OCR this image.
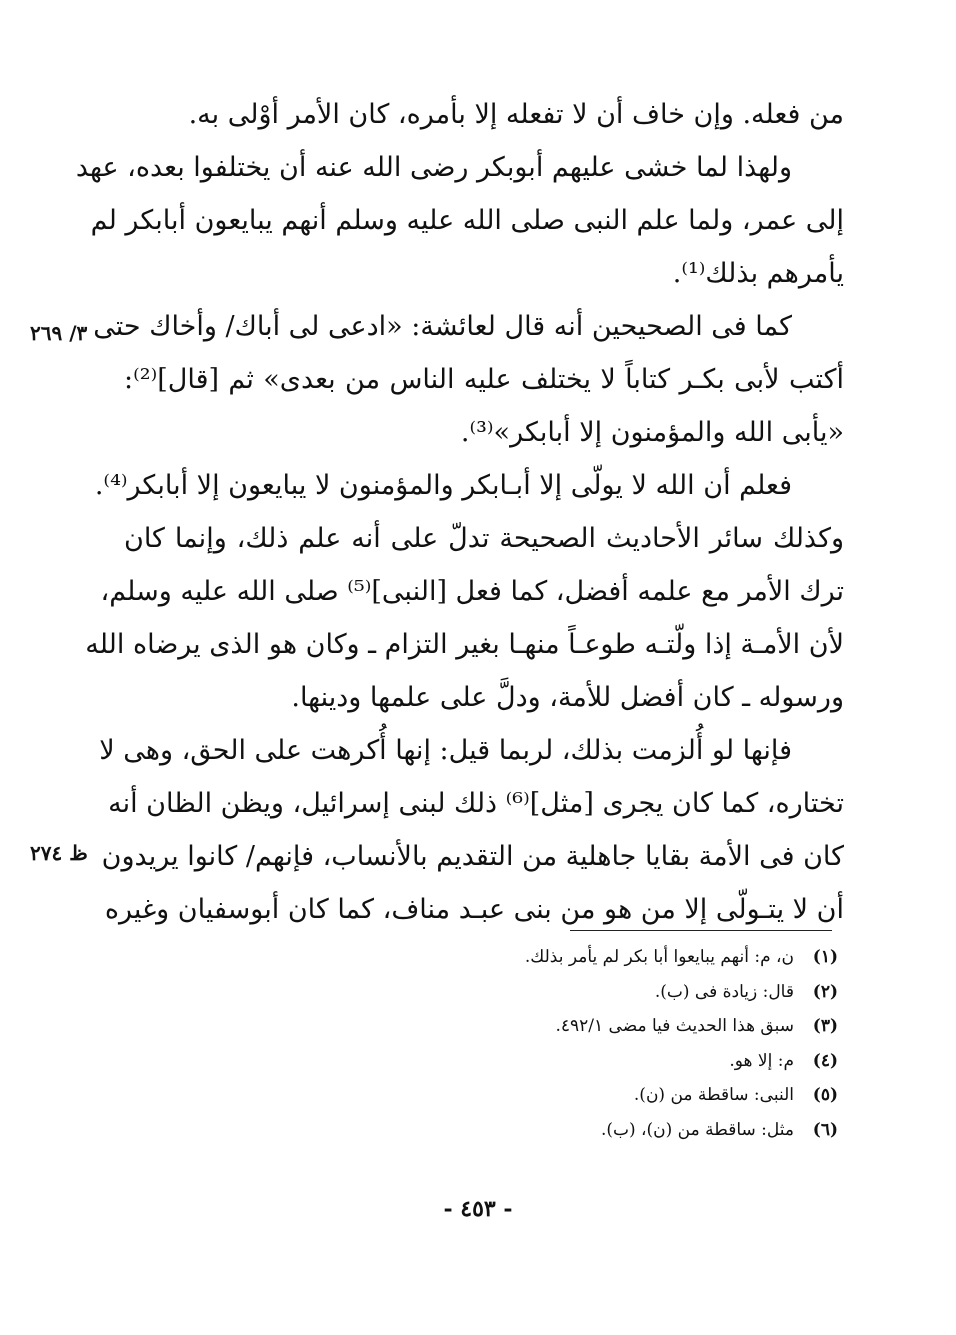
من فعله. وإن خاف أن لا تفعله إلا بأمره، كان الأمر أوْلى به.
ولهذا لما خشى عليهم أبوبكر رضى الله عنه أن يختلفوا بعده، عهد
إلى عمر، ولما علم النبى صلى الله عليه وسلم أنهم يبايعون أبابكر لم
يأمرهم بذلك⁽¹⁾.
كما فى الصحيحين أنه قال لعائشة: «ادعى لى أباك/ وأخاك حتى
أكتب لأبى بكـر كتاباً لا يختلف عليه الناس من بعدى» ثم [قال]⁽²⁾:
«يأبى الله والمؤمنون إلا أبابكر»⁽³⁾.
فعلم أن الله لا يولّى إلا أبـابكر والمؤمنون لا يبايعون إلا أبابكر⁽⁴⁾.
وكذلك سائر الأحاديث الصحيحة تدلّ على أنه علم ذلك، وإنما كان
ترك الأمر مع علمه أفضل، كما فعل [النبى]⁽⁵⁾ صلى الله عليه وسلم،
لأن الأمـة إذا ولّتـه طوعـاً منهـا بغير التزام ـ وكان هو الذى يرضاه الله
ورسوله ـ كان أفضل للأمة، ودلَّ على علمها ودينها.
فإنها لو أُلزمت بذلك، لربما قيل: إنها أُكرهت على الحق، وهى لا
تختاره، كما كان يجرى [مثل]⁽⁶⁾ ذلك لبنى إسرائيل، ويظن الظان أنه
كان فى الأمة بقايا جاهلية من التقديم بالأنساب، فإنهم/ كانوا يريدون
أن لا يتـولّى إلا من هو من بنى عبـد مناف، كما كان أبوسفيان وغيره
٣/ ٢٦٩
ظ ٢٧٤
(١)ن، م: أنهم يبايعوا أبا بكر لم يأمر بذلك.
(٢)قال: زيادة فى (ب).
(٣)سبق هذا الحديث فيا مضى ٤٩٢/١.
(٤)م: إلا هو.
(٥)النبى: ساقطة من (ن).
(٦)مثل: ساقطة من (ن)، (ب).
- ٤٥٣ -
